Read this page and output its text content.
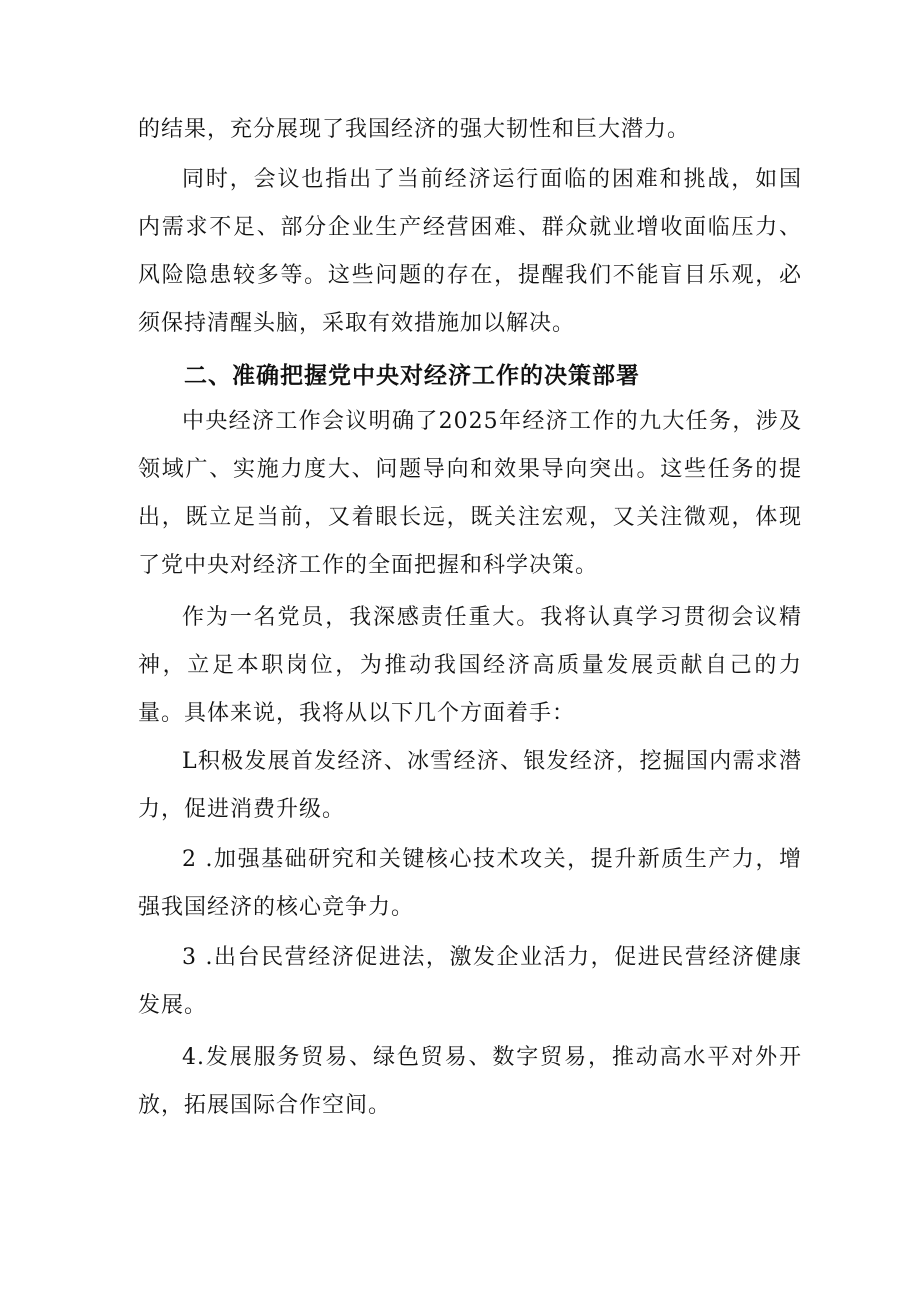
的结果，充分展现了我国经济的强大韧性和巨大潜力。

同时，会议也指出了当前经济运行面临的困难和挑战，如国内需求不足、部分企业生产经营困难、群众就业增收面临压力、风险隐患较多等。这些问题的存在，提醒我们不能盲目乐观，必须保持清醒头脑，采取有效措施加以解决。

二、准确把握党中央对经济工作的决策部署

中央经济工作会议明确了2025年经济工作的九大任务，涉及领域广、实施力度大、问题导向和效果导向突出。这些任务的提出，既立足当前，又着眼长远，既关注宏观，又关注微观，体现了党中央对经济工作的全面把握和科学决策。

作为一名党员，我深感责任重大。我将认真学习贯彻会议精神，立足本职岗位，为推动我国经济高质量发展贡献自己的力量。具体来说，我将从以下几个方面着手：

L积极发展首发经济、冰雪经济、银发经济，挖掘国内需求潜力，促进消费升级。

2 .加强基础研究和关键核心技术攻关，提升新质生产力，增强我国经济的核心竞争力。

3 .出台民营经济促进法，激发企业活力，促进民营经济健康发展。

4.发展服务贸易、绿色贸易、数字贸易，推动高水平对外开放，拓展国际合作空间。
